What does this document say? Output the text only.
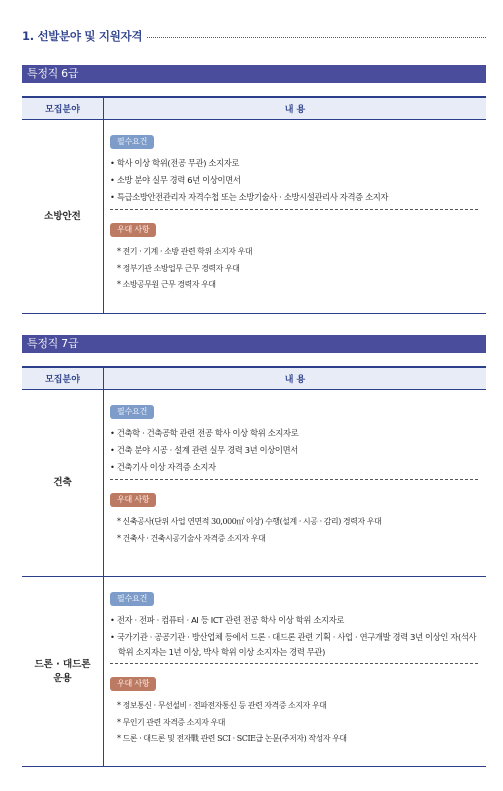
1. 선발분야 및 지원자격
특정직 6급
모집분야	내 용
소방안전
필수요건
• 학사 이상 학위(전공 무관) 소지자로
• 소방 분야 실무 경력 6년 이상이면서
• 특급소방안전관리자 자격수첩 또는 소방기술사 · 소방시설관리사 자격증 소지자
우대 사항
* 전기 · 기계 · 소방 관련 학위 소지자 우대
* 정부기관 소방업무 근무 경력자 우대
* 소방공무원 근무 경력자 우대
특정직 7급
모집분야	내 용
건축
필수요건
• 건축학 · 건축공학 관련 전공 학사 이상 학위 소지자로
• 건축 분야 시공 · 설계 관련 실무 경력 3년 이상이면서
• 건축기사 이상 자격증 소지자
우대 사항
* 신축공사(단위 사업 연면적 30,000㎡ 이상) 수행(설계 · 시공 · 감리) 경력자 우대
* 건축사 · 건축시공기술사 자격증 소지자 우대
드론 · 대드론
운용
필수요건
• 전자 · 전파 · 컴퓨터 · AI 등 ICT 관련 전공 학사 이상 학위 소지자로
• 국가기관 · 공공기관 · 방산업체 등에서 드론 · 대드론 관련 기획 · 사업 · 연구개발 경력 3년 이상인 자(석사 학위 소지자는 1년 이상, 박사 학위 이상 소지자는 경력 무관)
우대 사항
* 정보통신 · 무선설비 · 전파전자통신 등 관련 자격증 소지자 우대
* 무인기 관련 자격증 소지자 우대
* 드론 · 대드론 및 전자戰 관련 SCI · SCIE급 논문(주저자) 작성자 우대
